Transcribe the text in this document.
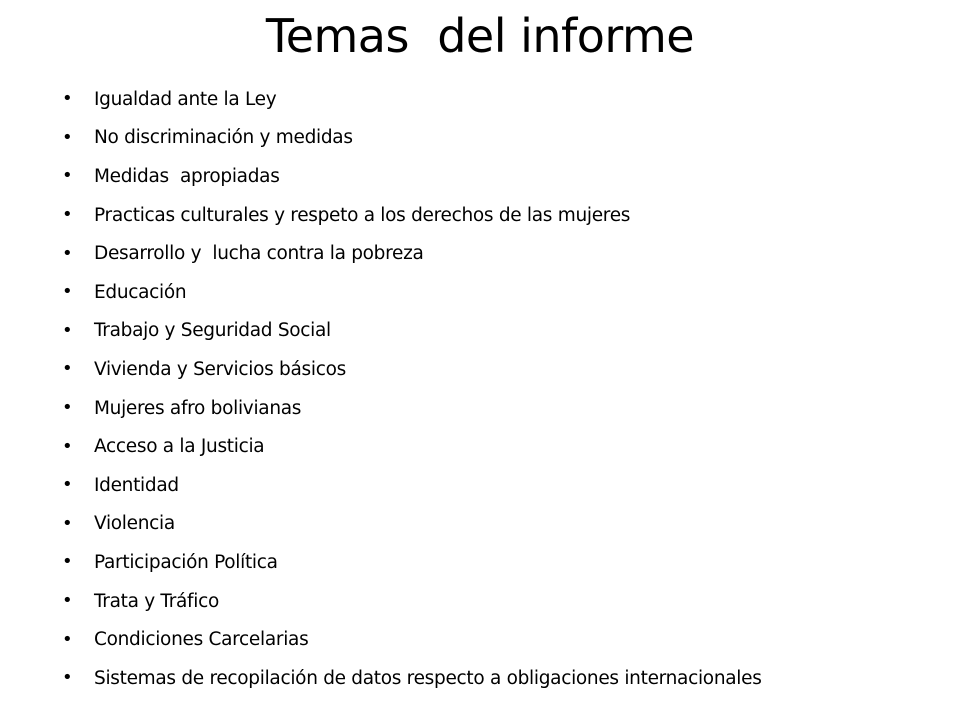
Temas  del informe
•	Igualdad ante la Ley
•	No discriminación y medidas
•	Medidas  apropiadas
•	Practicas culturales y respeto a los derechos de las mujeres
•	Desarrollo y  lucha contra la pobreza
•	Educación
•	Trabajo y Seguridad Social
•	Vivienda y Servicios básicos
•	Mujeres afro bolivianas
•	Acceso a la Justicia
•	Identidad
•	Violencia
•	Participación Política
•	Trata y Tráfico
•	Condiciones Carcelarias
•	Sistemas de recopilación de datos respecto a obligaciones internacionales
